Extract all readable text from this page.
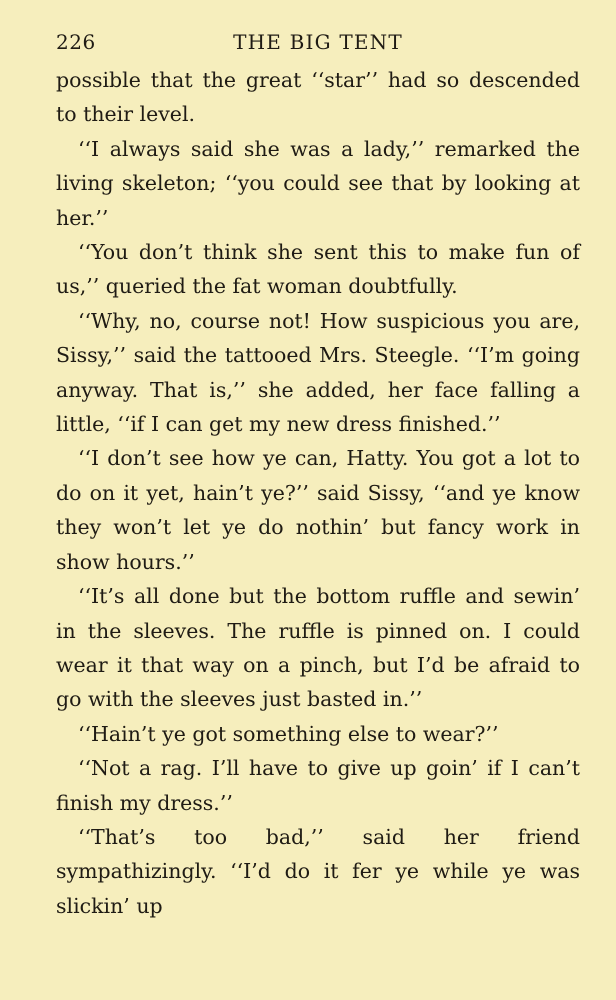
226	THE BIG TENT

possible that the great ‘‘star’’ had so descended to their level.

‘‘I always said she was a lady,’’ remarked the living skeleton; ‘‘you could see that by looking at her.’’

‘‘You don’t think she sent this to make fun of us,’’ queried the fat woman doubtfully.

‘‘Why, no, course not! How suspicious you are, Sissy,’’ said the tattooed Mrs. Steegle. ‘‘I’m going anyway. That is,’’ she added, her face falling a little, ‘‘if I can get my new dress finished.’’

‘‘I don’t see how ye can, Hatty. You got a lot to do on it yet, hain’t ye?’’ said Sissy, ‘‘and ye know they won’t let ye do nothin’ but fancy work in show hours.’’

‘‘It’s all done but the bottom ruffle and sewin’ in the sleeves. The ruffle is pinned on. I could wear it that way on a pinch, but I’d be afraid to go with the sleeves just basted in.’’

‘‘Hain’t ye got something else to wear?’’

‘‘Not a rag. I’ll have to give up goin’ if I can’t finish my dress.’’

‘‘That’s too bad,’’ said her friend sympathizingly. ‘‘I’d do it fer ye while ye was slickin’ up
